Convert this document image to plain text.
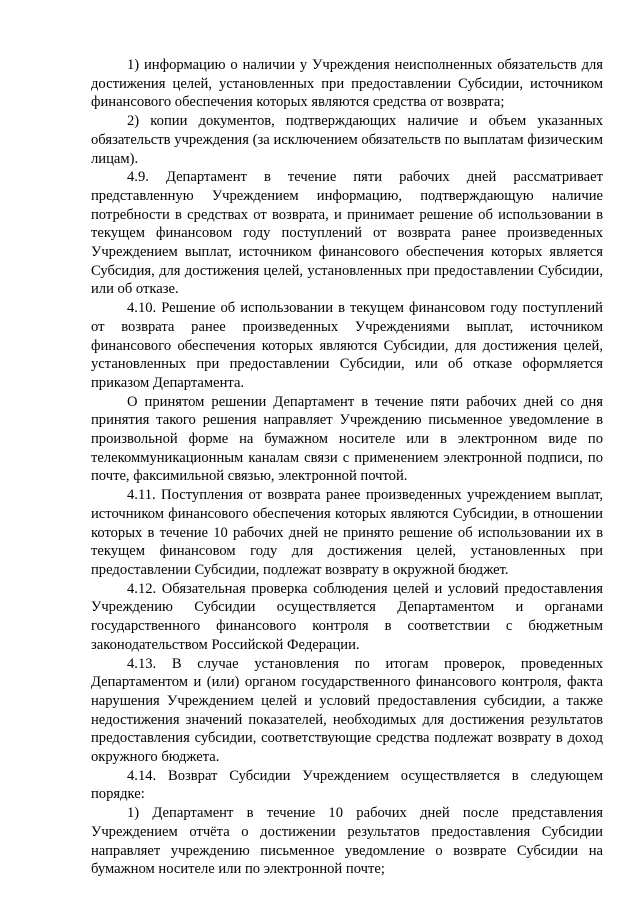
1) информацию о наличии у Учреждения неисполненных обязательств для достижения целей, установленных при предоставлении Субсидии, источником финансового обеспечения которых являются средства от возврата;

2) копии документов, подтверждающих наличие и объем указанных обязательств учреждения (за исключением обязательств по выплатам физическим лицам).

4.9. Департамент в течение пяти рабочих дней рассматривает представленную Учреждением информацию, подтверждающую наличие потребности в средствах от возврата, и принимает решение об использовании в текущем финансовом году поступлений от возврата ранее произведенных Учреждением выплат, источником финансового обеспечения которых является Субсидия, для достижения целей, установленных при предоставлении Субсидии, или об отказе.

4.10. Решение об использовании в текущем финансовом году поступлений от возврата ранее произведенных Учреждениями выплат, источником финансового обеспечения которых являются Субсидии, для достижения целей, установленных при предоставлении Субсидии, или об отказе оформляется приказом Департамента.

О принятом решении Департамент в течение пяти рабочих дней со дня принятия такого решения направляет Учреждению письменное уведомление в произвольной форме на бумажном носителе или в электронном виде по телекоммуникационным каналам связи с применением электронной подписи, по почте, факсимильной связью, электронной почтой.

4.11. Поступления от возврата ранее произведенных учреждением выплат, источником финансового обеспечения которых являются Субсидии, в отношении которых в течение 10 рабочих дней не принято решение об использовании их в текущем финансовом году для достижения целей, установленных при предоставлении Субсидии, подлежат возврату в окружной бюджет.

4.12. Обязательная проверка соблюдения целей и условий предоставления Учреждению Субсидии осуществляется Департаментом и органами государственного финансового контроля в соответствии с бюджетным законодательством Российской Федерации.

4.13. В случае установления по итогам проверок, проведенных Департаментом и (или) органом государственного финансового контроля, факта нарушения Учреждением целей и условий предоставления субсидии, а также недостижения значений показателей, необходимых для достижения результатов предоставления субсидии, соответствующие средства подлежат возврату в доход окружного бюджета.

4.14. Возврат Субсидии Учреждением осуществляется в следующем порядке:

1) Департамент в течение 10 рабочих дней после представления Учреждением отчёта о достижении результатов предоставления Субсидии направляет учреждению письменное уведомление о возврате Субсидии на бумажном носителе или по электронной почте;
